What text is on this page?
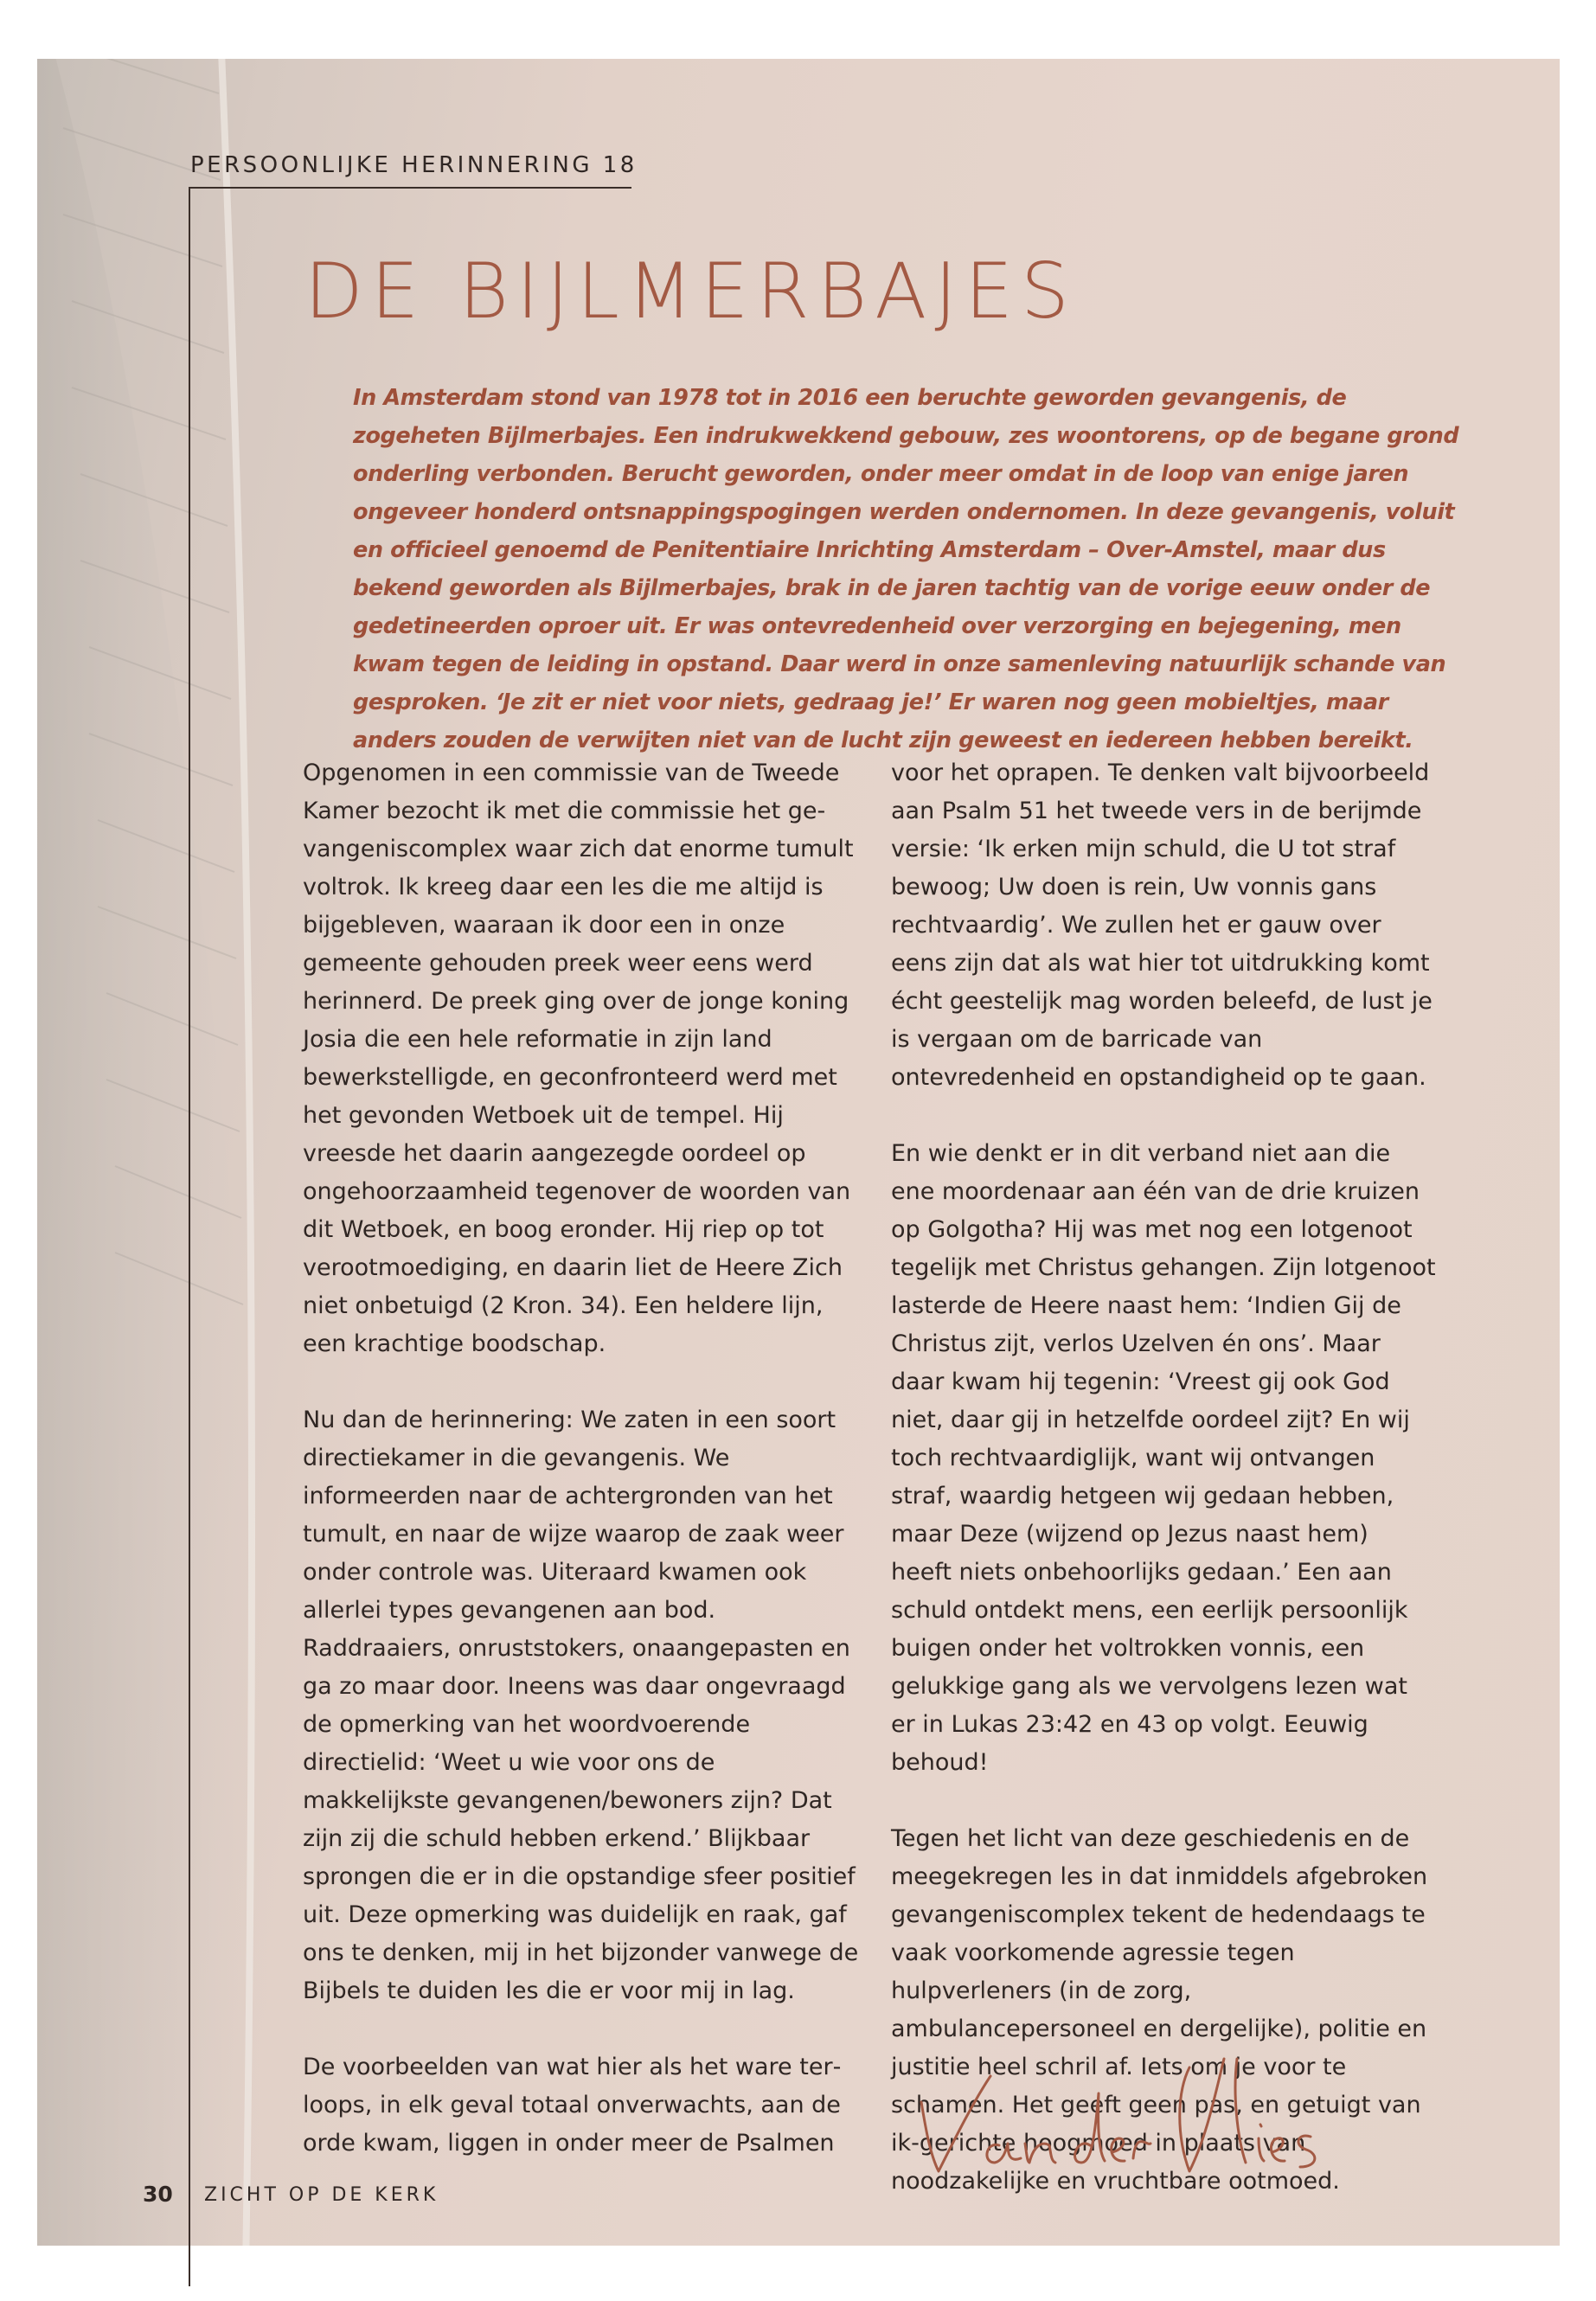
PERSOONLIJKE HERINNERING 18

DE BIJLMERBAJES

In Amsterdam stond van 1978 tot in 2016 een beruchte geworden gevangenis, de zogeheten Bijlmerbajes. Een indrukwekkend gebouw, zes woontorens, op de begane grond onderling verbonden. Berucht geworden, onder meer omdat in de loop van enige jaren ongeveer honderd ontsnappingspogingen werden ondernomen. In deze gevangenis, voluit en officieel genoemd de Penitentiaire Inrichting Amsterdam – Over-Amstel, maar dus bekend geworden als Bijlmerbajes, brak in de jaren tachtig van de vorige eeuw onder de gedetineerden oproer uit. Er was ontevredenheid over verzorging en bejegening, men kwam tegen de leiding in opstand. Daar werd in onze samenleving natuurlijk schande van gesproken. ‘Je zit er niet voor niets, gedraag je!’ Er waren nog geen mobieltjes, maar anders zouden de verwijten niet van de lucht zijn geweest en iedereen hebben bereikt.

Opgenomen in een commissie van de Tweede Kamer bezocht ik met die commissie het gevangeniscomplex waar zich dat enorme tumult voltrok. Ik kreeg daar een les die me altijd is bijgebleven, waaraan ik door een in onze gemeente gehouden preek weer eens werd herinnerd. De preek ging over de jonge koning Josia die een hele reformatie in zijn land bewerkstelligde, en geconfronteerd werd met het gevonden Wetboek uit de tempel. Hij vreesde het daarin aangezegde oordeel op ongehoorzaamheid tegenover de woorden van dit Wetboek, en boog eronder. Hij riep op tot verootmoediging, en daarin liet de Heere Zich niet onbetuigd (2 Kron. 34). Een heldere lijn, een krachtige boodschap.

Nu dan de herinnering: We zaten in een soort directiekamer in die gevangenis. We informeerden naar de achtergronden van het tumult, en naar de wijze waarop de zaak weer onder controle was. Uiteraard kwamen ook allerlei types gevangenen aan bod. Raddraaiers, onruststokers, onaangepasten en ga zo maar door. Ineens was daar ongevraagd de opmerking van het woordvoerende directielid: ‘Weet u wie voor ons de makkelijkste gevangenen/bewoners zijn? Dat zijn zij die schuld hebben erkend.’ Blijkbaar sprongen die er in die opstandige sfeer positief uit. Deze opmerking was duidelijk en raak, gaf ons te denken, mij in het bijzonder vanwege de Bijbels te duiden les die er voor mij in lag.

De voorbeelden van wat hier als het ware terloops, in elk geval totaal onverwachts, aan de orde kwam, liggen in onder meer de Psalmen

voor het oprapen. Te denken valt bijvoorbeeld aan Psalm 51 het tweede vers in de berijmde versie: ‘Ik erken mijn schuld, die U tot straf bewoog; Uw doen is rein, Uw vonnis gans rechtvaardig’. We zullen het er gauw over eens zijn dat als wat hier tot uitdrukking komt écht geestelijk mag worden beleefd, de lust je is vergaan om de barricade van ontevredenheid en opstandigheid op te gaan.

En wie denkt er in dit verband niet aan die ene moordenaar aan één van de drie kruizen op Golgotha? Hij was met nog een lotgenoot tegelijk met Christus gehangen. Zijn lotgenoot lasterde de Heere naast hem: ‘Indien Gij de Christus zijt, verlos Uzelven én ons’. Maar daar kwam hij tegenin: ‘Vreest gij ook God niet, daar gij in hetzelfde oordeel zijt? En wij toch rechtvaardiglijk, want wij ontvangen straf, waardig hetgeen wij gedaan hebben, maar Deze (wijzend op Jezus naast hem) heeft niets onbehoorlijks gedaan.’ Een aan schuld ontdekt mens, een eerlijk persoonlijk buigen onder het voltrokken vonnis, een gelukkige gang als we vervolgens lezen wat er in Lukas 23:42 en 43 op volgt. Eeuwig behoud!

Tegen het licht van deze geschiedenis en de meegekregen les in dat inmiddels afgebroken gevangeniscomplex tekent de hedendaags te vaak voorkomende agressie tegen hulpverleners (in de zorg, ambulancepersoneel en dergelijke), politie en justitie heel schril af. Iets om je voor te schamen. Het geeft geen pas, en getuigt van ik-gerichte hoogmoed in plaats van noodzakelijke en vruchtbare ootmoed.

30 ZICHT OP DE KERK
